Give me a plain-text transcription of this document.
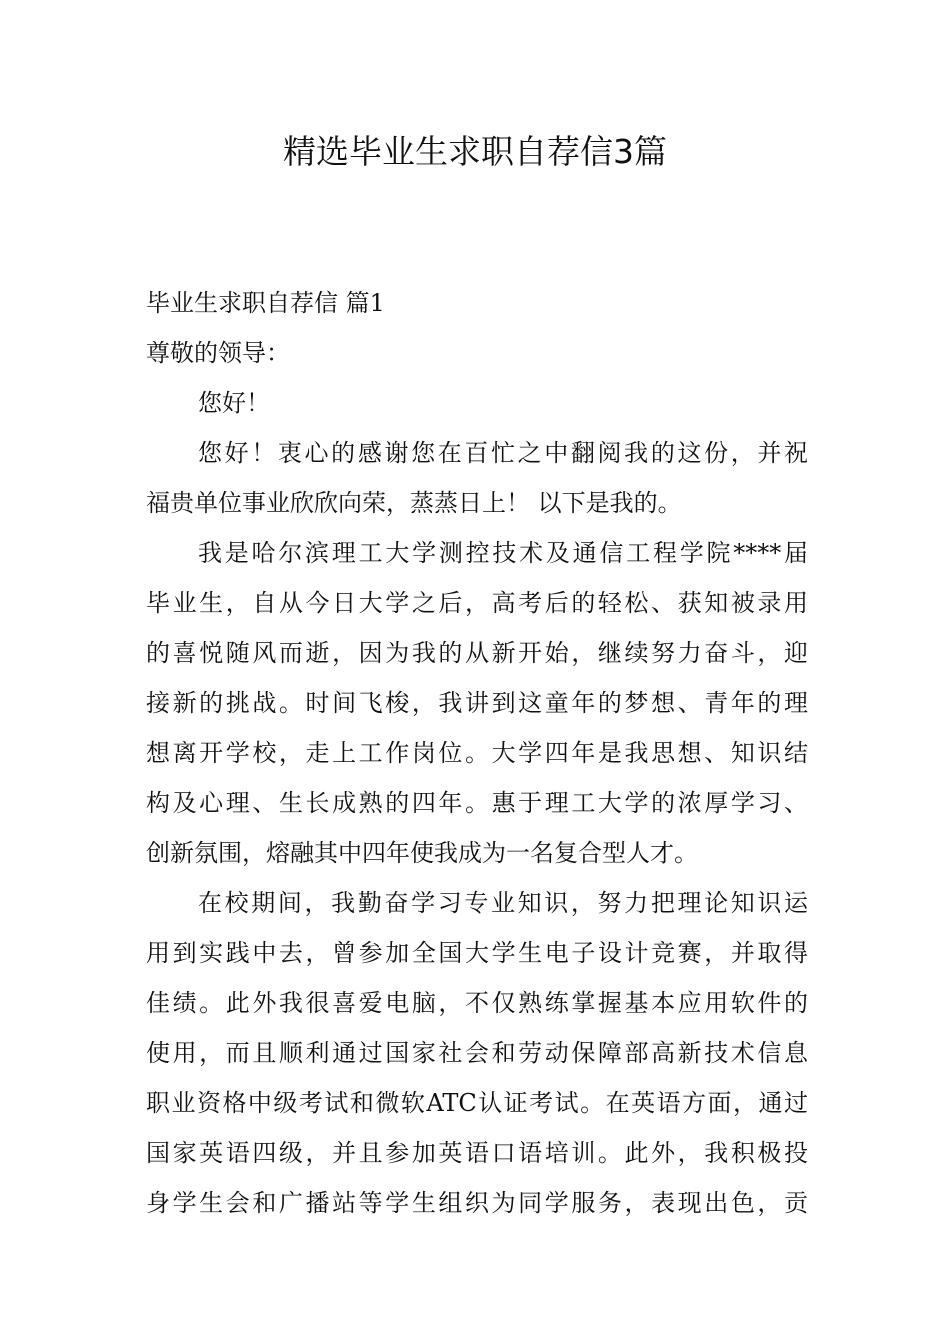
精选毕业生求职自荐信3篇
毕业生求职自荐信 篇1
尊敬的领导：
您好！
您好！衷心的感谢您在百忙之中翻阅我的这份，并祝
福贵单位事业欣欣向荣，蒸蒸日上！ 以下是我的。
我是哈尔滨理工大学测控技术及通信工程学院****届
毕业生，自从今日大学之后，高考后的轻松、获知被录用
的喜悦随风而逝，因为我的从新开始，继续努力奋斗，迎
接新的挑战。时间飞梭，我讲到这童年的梦想、青年的理
想离开学校，走上工作岗位。大学四年是我思想、知识结
构及心理、生长成熟的四年。惠于理工大学的浓厚学习、
创新氛围，熔融其中四年使我成为一名复合型人才。
在校期间，我勤奋学习专业知识，努力把理论知识运
用到实践中去，曾参加全国大学生电子设计竞赛，并取得
佳绩。此外我很喜爱电脑，不仅熟练掌握基本应用软件的
使用，而且顺利通过国家社会和劳动保障部高新技术信息
职业资格中级考试和微软ATC认证考试。在英语方面，通过
国家英语四级，并且参加英语口语培训。此外，我积极投
身学生会和广播站等学生组织为同学服务，表现出色，贡
